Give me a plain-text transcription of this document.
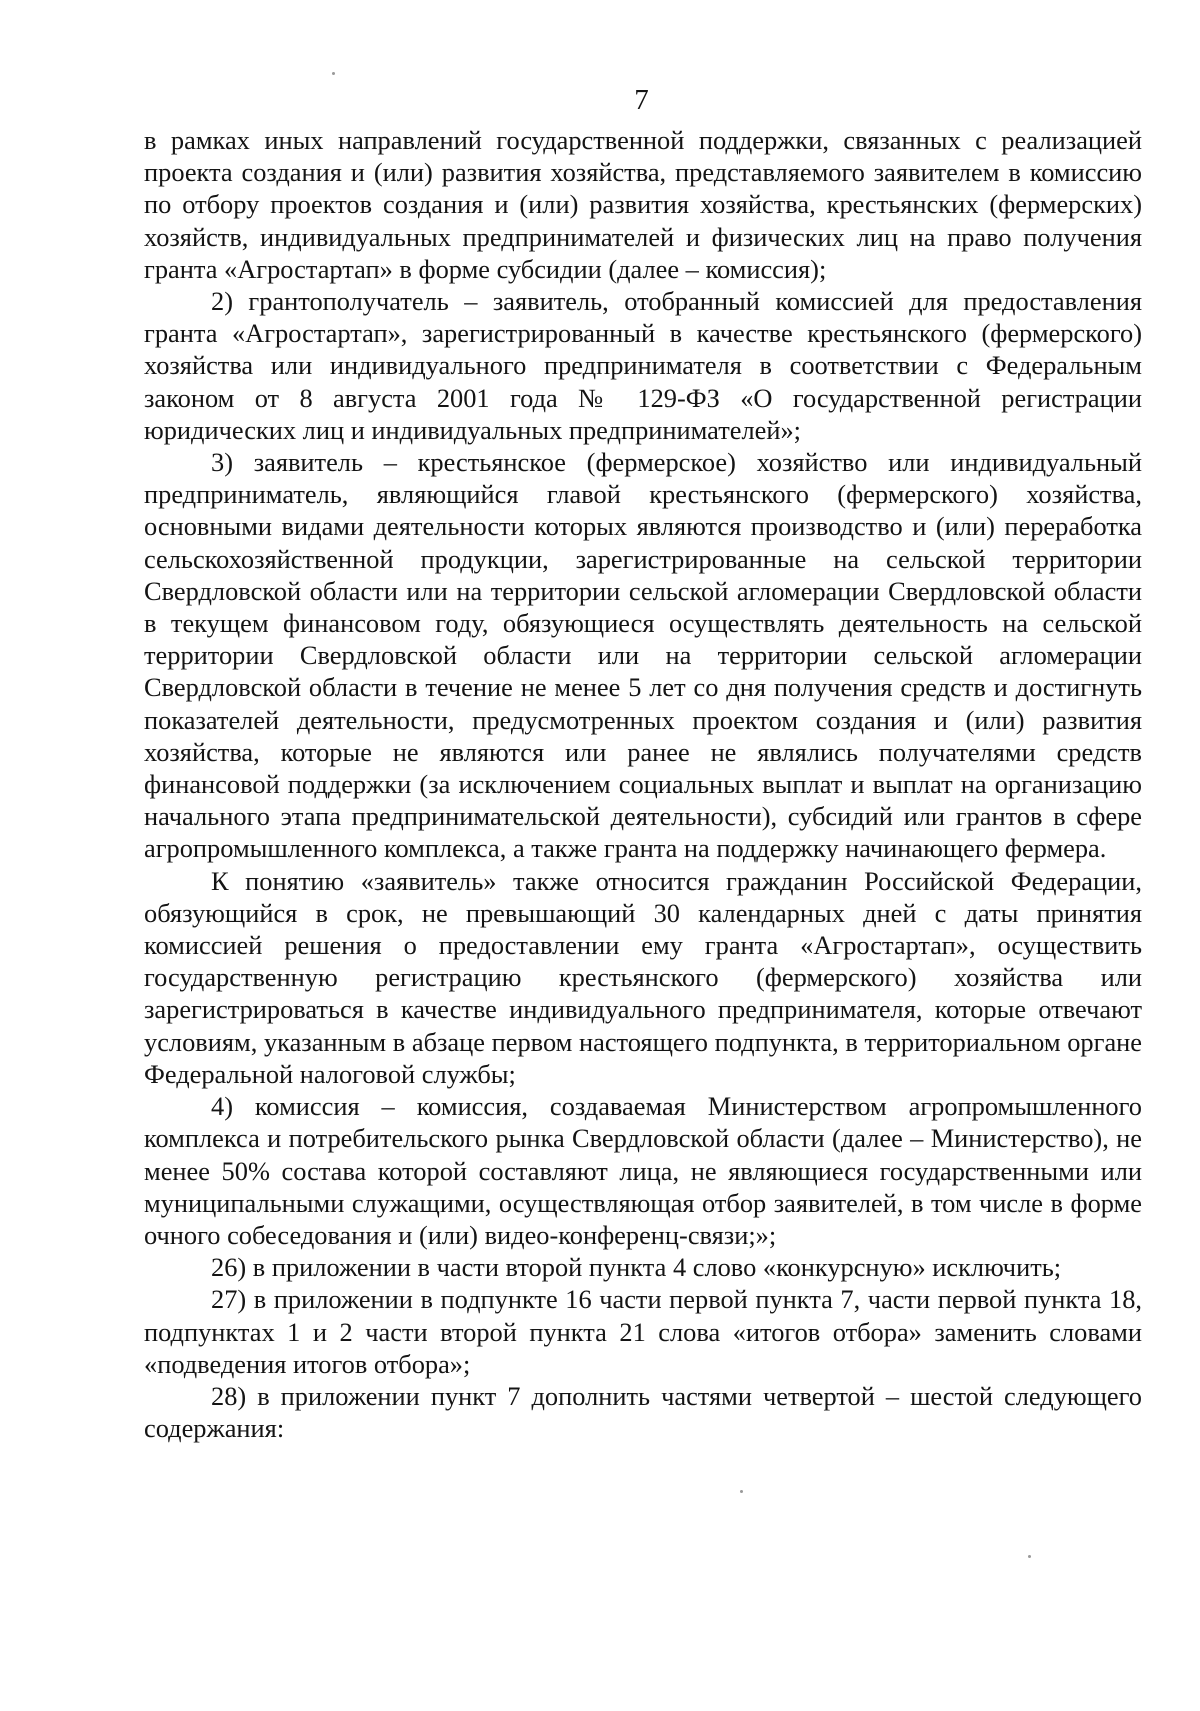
7

в рамках иных направлений государственной поддержки, связанных с реализацией проекта создания и (или) развития хозяйства, представляемого заявителем в комиссию по отбору проектов создания и (или) развития хозяйства, крестьянских (фермерских) хозяйств, индивидуальных предпринимателей и физических лиц на право получения гранта «Агростартап» в форме субсидии (далее – комиссия);

2) грантополучатель – заявитель, отобранный комиссией для предоставления гранта «Агростартап», зарегистрированный в качестве крестьянского (фермерского) хозяйства или индивидуального предпринимателя в соответствии с Федеральным законом от 8 августа 2001 года № 129-ФЗ «О государственной регистрации юридических лиц и индивидуальных предпринимателей»;

3) заявитель – крестьянское (фермерское) хозяйство или индивидуальный предприниматель, являющийся главой крестьянского (фермерского) хозяйства, основными видами деятельности которых являются производство и (или) переработка сельскохозяйственной продукции, зарегистрированные на сельской территории Свердловской области или на территории сельской агломерации Свердловской области в текущем финансовом году, обязующиеся осуществлять деятельность на сельской территории Свердловской области или на территории сельской агломерации Свердловской области в течение не менее 5 лет со дня получения средств и достигнуть показателей деятельности, предусмотренных проектом создания и (или) развития хозяйства, которые не являются или ранее не являлись получателями средств финансовой поддержки (за исключением социальных выплат и выплат на организацию начального этапа предпринимательской деятельности), субсидий или грантов в сфере агропромышленного комплекса, а также гранта на поддержку начинающего фермера.

К понятию «заявитель» также относится гражданин Российской Федерации, обязующийся в срок, не превышающий 30 календарных дней с даты принятия комиссией решения о предоставлении ему гранта «Агростартап», осуществить государственную регистрацию крестьянского (фермерского) хозяйства или зарегистрироваться в качестве индивидуального предпринимателя, которые отвечают условиям, указанным в абзаце первом настоящего подпункта, в территориальном органе Федеральной налоговой службы;

4) комиссия – комиссия, создаваемая Министерством агропромышленного комплекса и потребительского рынка Свердловской области (далее – Министерство), не менее 50% состава которой составляют лица, не являющиеся государственными или муниципальными служащими, осуществляющая отбор заявителей, в том числе в форме очного собеседования и (или) видео-конференц-связи;»;

26) в приложении в части второй пункта 4 слово «конкурсную» исключить;

27) в приложении в подпункте 16 части первой пункта 7, части первой пункта 18, подпунктах 1 и 2 части второй пункта 21 слова «итогов отбора» заменить словами «подведения итогов отбора»;

28) в приложении пункт 7 дополнить частями четвертой – шестой следующего содержания:
